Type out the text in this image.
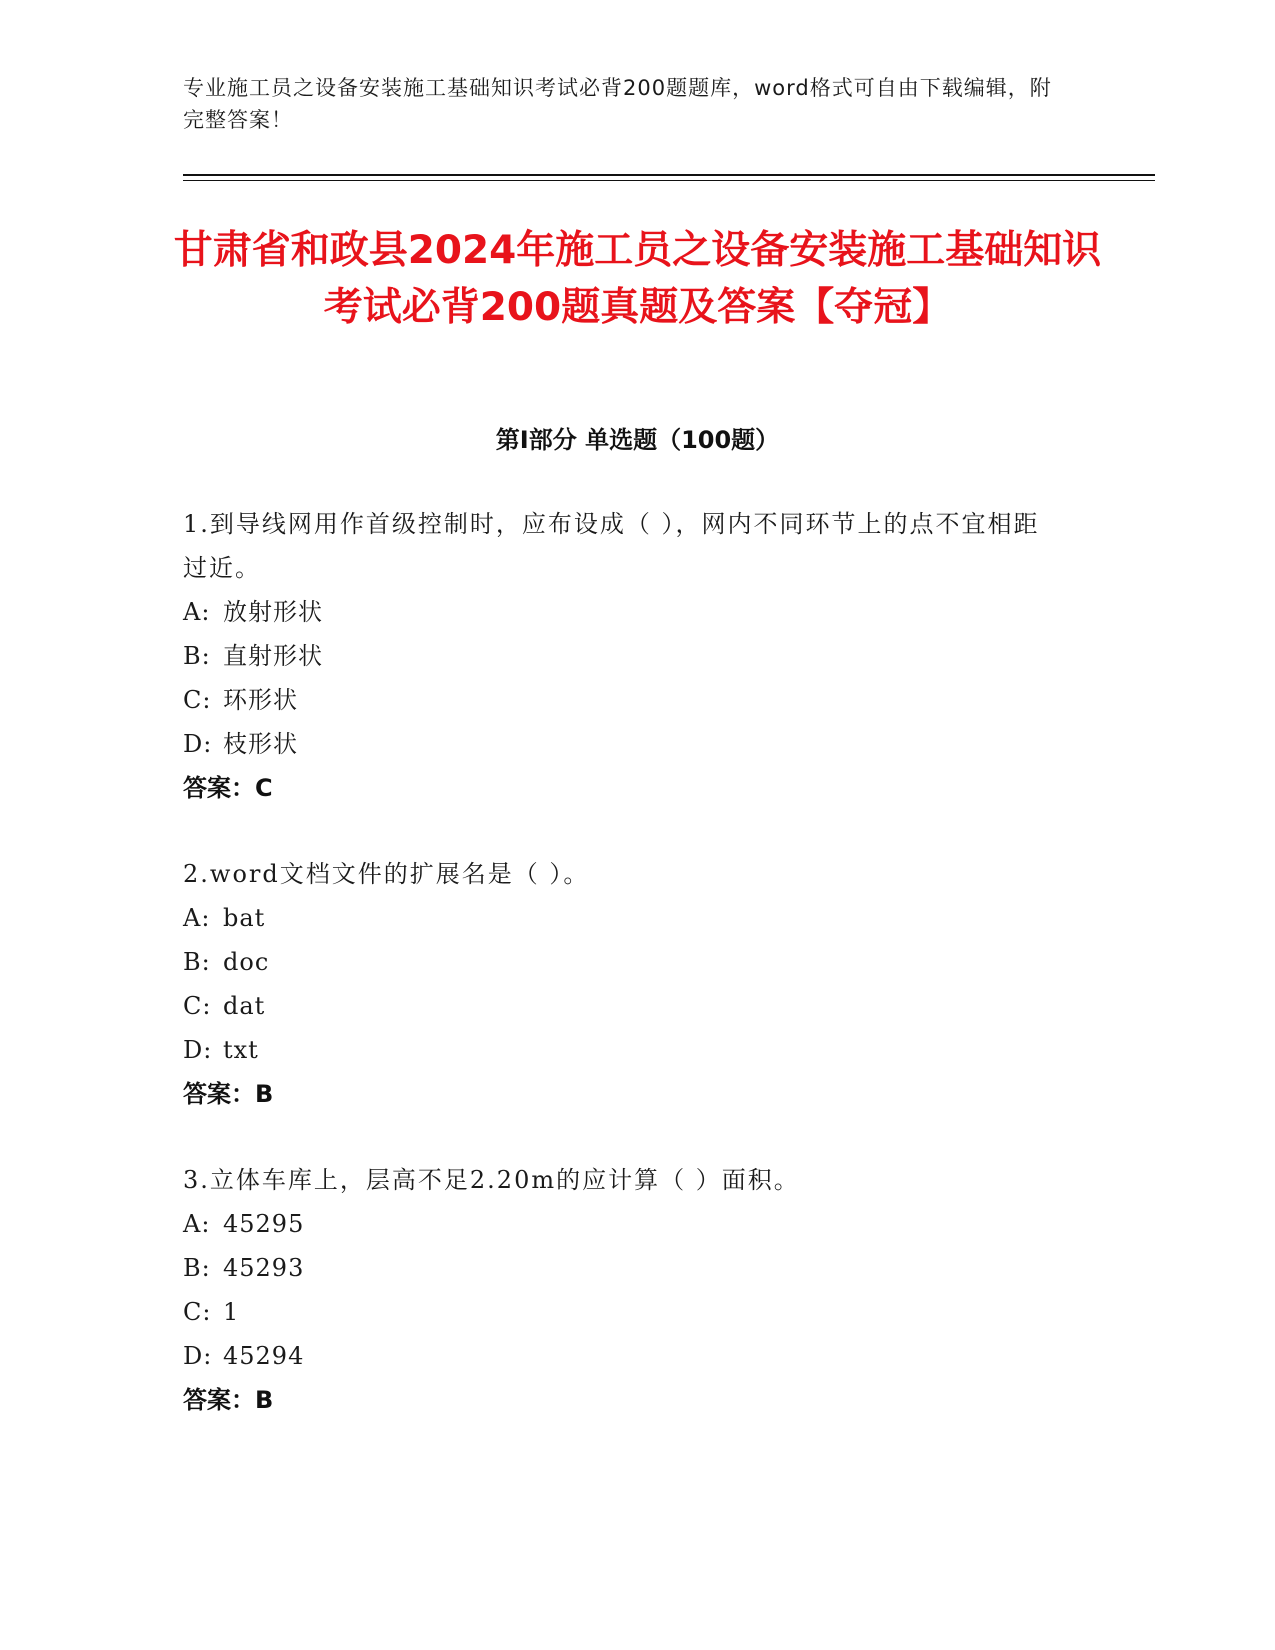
专业施工员之设备安装施工基础知识考试必背200题题库，word格式可自由下载编辑，附完整答案！
甘肃省和政县2024年施工员之设备安装施工基础知识考试必背200题真题及答案【夺冠】
第Ⅰ部分 单选题（100题）

1.到导线网用作首级控制时，应布设成（ ），网内不同环节上的点不宜相距过近。

A: 放射形状

B: 直射形状

C: 环形状

D: 枝形状

答案：C

2.word文档文件的扩展名是（ ）。

A: bat

B: doc

C: dat

D: txt

答案：B

3.立体车库上，层高不足2.20m的应计算（ ）面积。

A: 45295

B: 45293

C: 1

D: 45294

答案：B
